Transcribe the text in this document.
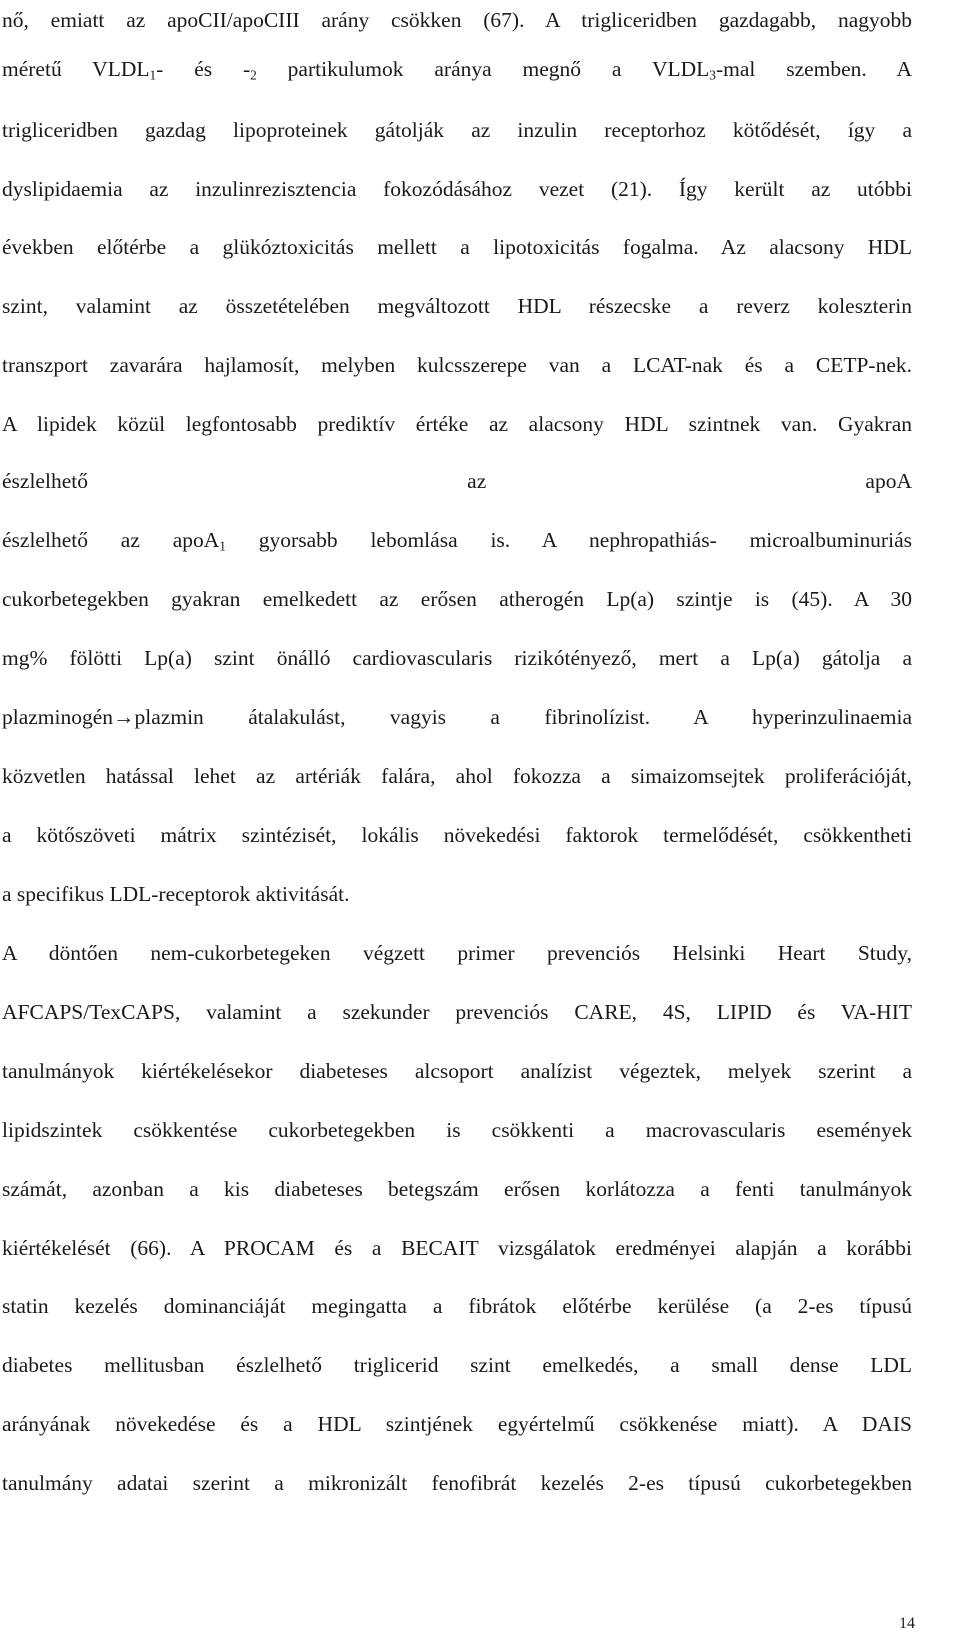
nő, emiatt az apoCII/apoCIII arány csökken (67). A trigliceridben gazdagabb, nagyobb
méretű $VLDL_1-$ és $-_2$ partikulumok aránya megnő a $VLDL_3$-mal szemben. A
trigliceridben gazdag lipoproteinek gátolják az inzulin receptorhoz kötődését, így a
dyslipidaemia az inzulinrezisztencia fokozódásához vezet (21). Így került az utóbbi
években előtérbe a glükóztoxicitás mellett a lipotoxicitás fogalma. Az alacsony HDL
szint, valamint az összetételében megváltozott HDL részecske a reverz koleszterin
transzport zavarára hajlamosít, melyben kulcsszerepe van a LCAT-nak és a CETP-nek.
A lipidek közül legfontosabb prediktív értéke az alacsony HDL szintnek van. Gyakran
észlelhető az apoA
észlelhető az apoA$_1$ gyorsabb lebomlása is. A nephropathiás- microalbuminuriás
cukorbetegekben gyakran emelkedett az erősen atherogén Lp(a) szintje is (45). A 30
mg% fölötti Lp(a) szint önálló cardiovascularis rizikótényező, mert a Lp(a) gátolja a
plazminogén→plazmin átalakulást, vagyis a fibrinolízist. A hyperinzulinaemia
közvetlen hatással lehet az artériák falára, ahol fokozza a simaizomsejtek proliferációját,
a kötőszöveti mátrix szintézisét, lokális növekedési faktorok termelődését, csökkentheti
a specifikus LDL-receptorok aktivitását.
A döntően nem-cukorbetegeken végzett primer prevenciós Helsinki Heart Study,
AFCAPS/TexCAPS, valamint a szekunder prevenciós CARE, 4S, LIPID és VA-HIT
tanulmányok kiértékelésekor diabeteses alcsoport analízist végeztek, melyek szerint a
lipidszintek csökkentése cukorbetegekben is csökkenti a macrovascularis események
számát, azonban a kis diabeteses betegszám erősen korlátozza a fenti tanulmányok
kiértékelését (66). A PROCAM és a BECAIT vizsgálatok eredményei alapján a korábbi
statin kezelés dominanciáját megingatta a fibrátok előtérbe kerülése (a 2-es típusú
diabetes mellitusban észlelhető triglicerid szint emelkedés, a small dense LDL
arányának növekedése és a HDL szintjének egyértelmű csökkenése miatt). A DAIS
tanulmány adatai szerint a mikronizált fenofibrát kezelés 2-es típusú cukorbetegekben
14
